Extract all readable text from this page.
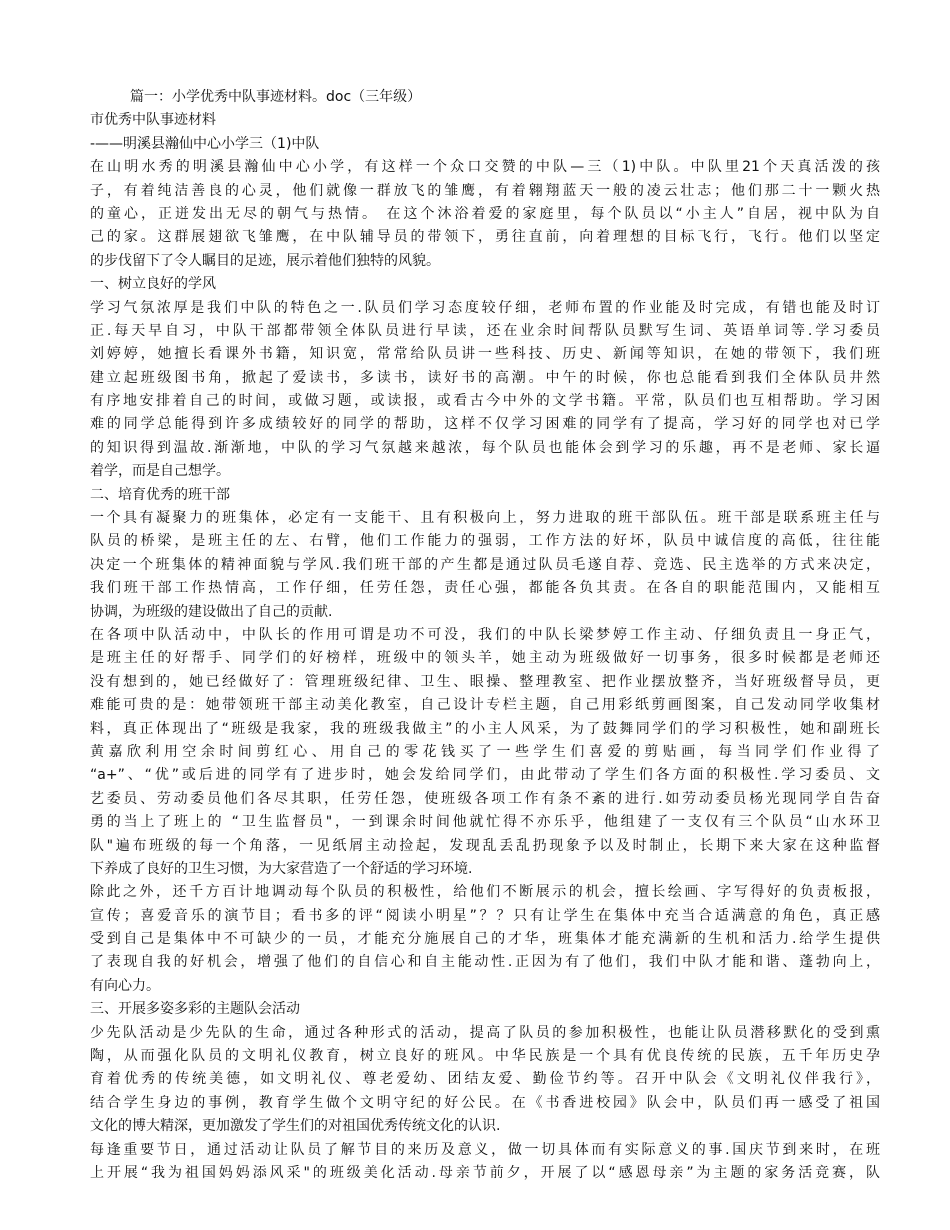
篇一：小学优秀中队事迹材料。doc（三年级）
市优秀中队事迹材料
-——明溪县瀚仙中心小学三（1)中队
在山明水秀的明溪县瀚仙中心小学，有这样一个众口交赞的中队—三（1)中队。中队里21个天真活泼的孩
子，有着纯洁善良的心灵，他们就像一群放飞的雏鹰，有着翱翔蓝天一般的凌云壮志；他们那二十一颗火热
的童心，正迸发出无尽的朝气与热情。 在这个沐浴着爱的家庭里，每个队员以“小主人”自居，视中队为自
己的家。这群展翅欲飞雏鹰，在中队辅导员的带领下，勇往直前，向着理想的目标飞行，飞行。他们以坚定
的步伐留下了令人瞩目的足迹，展示着他们独特的风貌。
一、树立良好的学风
学习气氛浓厚是我们中队的特色之一.队员们学习态度较仔细，老师布置的作业能及时完成，有错也能及时订
正.每天早自习，中队干部都带领全体队员进行早读，还在业余时间帮队员默写生词、英语单词等.学习委员
刘婷婷，她擅长看课外书籍，知识宽，常常给队员讲一些科技、历史、新闻等知识，在她的带领下，我们班
建立起班级图书角，掀起了爱读书，多读书，读好书的高潮。中午的时候，你也总能看到我们全体队员井然
有序地安排着自己的时间，或做习题，或读报，或看古今中外的文学书籍。平常，队员们也互相帮助。学习困
难的同学总能得到许多成绩较好的同学的帮助，这样不仅学习困难的同学有了提高，学习好的同学也对已学
的知识得到温故.渐渐地，中队的学习气氛越来越浓，每个队员也能体会到学习的乐趣，再不是老师、家长逼
着学，而是自己想学。
二、培育优秀的班干部
一个具有凝聚力的班集体，必定有一支能干、且有积极向上，努力进取的班干部队伍。班干部是联系班主任与
队员的桥梁，是班主任的左、右臂，他们工作能力的强弱，工作方法的好坏，队员中诚信度的高低，往往能
决定一个班集体的精神面貌与学风.我们班干部的产生都是通过队员毛遂自荐、竞选、民主选举的方式来决定，
我们班干部工作热情高，工作仔细，任劳任怨，责任心强，都能各负其责。在各自的职能范围内，又能相互
协调，为班级的建设做出了自己的贡献.
在各项中队活动中，中队长的作用可谓是功不可没，我们的中队长梁梦婷工作主动、仔细负责且一身正气，
是班主任的好帮手、同学们的好榜样，班级中的领头羊，她主动为班级做好一切事务，很多时候都是老师还
没有想到的，她已经做好了：管理班级纪律、卫生、眼操、整理教室、把作业摆放整齐，当好班级督导员，更
难能可贵的是：她带领班干部主动美化教室，自己设计专栏主题，自己用彩纸剪画图案，自己发动同学收集材
料，真正体现出了“班级是我家，我的班级我做主”的小主人风采，为了鼓舞同学们的学习积极性，她和副班长
黄嘉欣利用空余时间剪红心、用自己的零花钱买了一些学生们喜爱的剪贴画，每当同学们作业得了
“a+”、“优”或后进的同学有了进步时，她会发给同学们，由此带动了学生们各方面的积极性.学习委员、文
艺委员、劳动委员他们各尽其职，任劳任怨，使班级各项工作有条不紊的进行.如劳动委员杨光现同学自告奋
勇的当上了班上的 “卫生监督员"，一到课余时间他就忙得不亦乐乎，他组建了一支仅有三个队员“山水环卫
队"遍布班级的每一个角落，一见纸屑主动捡起，发现乱丢乱扔现象予以及时制止，长期下来大家在这种监督
下养成了良好的卫生习惯，为大家营造了一个舒适的学习环境.
除此之外，还千方百计地调动每个队员的积极性，给他们不断展示的机会，擅长绘画、字写得好的负责板报，
宣传；喜爱音乐的演节目；看书多的评“阅读小明星”？？只有让学生在集体中充当合适满意的角色，真正感
受到自己是集体中不可缺少的一员，才能充分施展自己的才华，班集体才能充满新的生机和活力.给学生提供
了表现自我的好机会，增强了他们的自信心和自主能动性.正因为有了他们，我们中队才能和谐、蓬勃向上，
有向心力。
三、开展多姿多彩的主题队会活动
少先队活动是少先队的生命，通过各种形式的活动，提高了队员的参加积极性，也能让队员潜移默化的受到熏
陶，从而强化队员的文明礼仪教育，树立良好的班风。中华民族是一个具有优良传统的民族，五千年历史孕
育着优秀的传统美德，如文明礼仪、尊老爱幼、团结友爱、勤俭节约等。召开中队会《文明礼仪伴我行》，
结合学生身边的事例，教育学生做个文明守纪的好公民。在《书香进校园》队会中，队员们再一感受了祖国
文化的博大精深，更加激发了学生们的对祖国优秀传统文化的认识.
每逢重要节日，通过活动让队员了解节目的来历及意义，做一切具体而有实际意义的事.国庆节到来时，在班
上开展“我为祖国妈妈添风采"的班级美化活动.母亲节前夕，开展了以“感恩母亲”为主题的家务活竞赛，队
